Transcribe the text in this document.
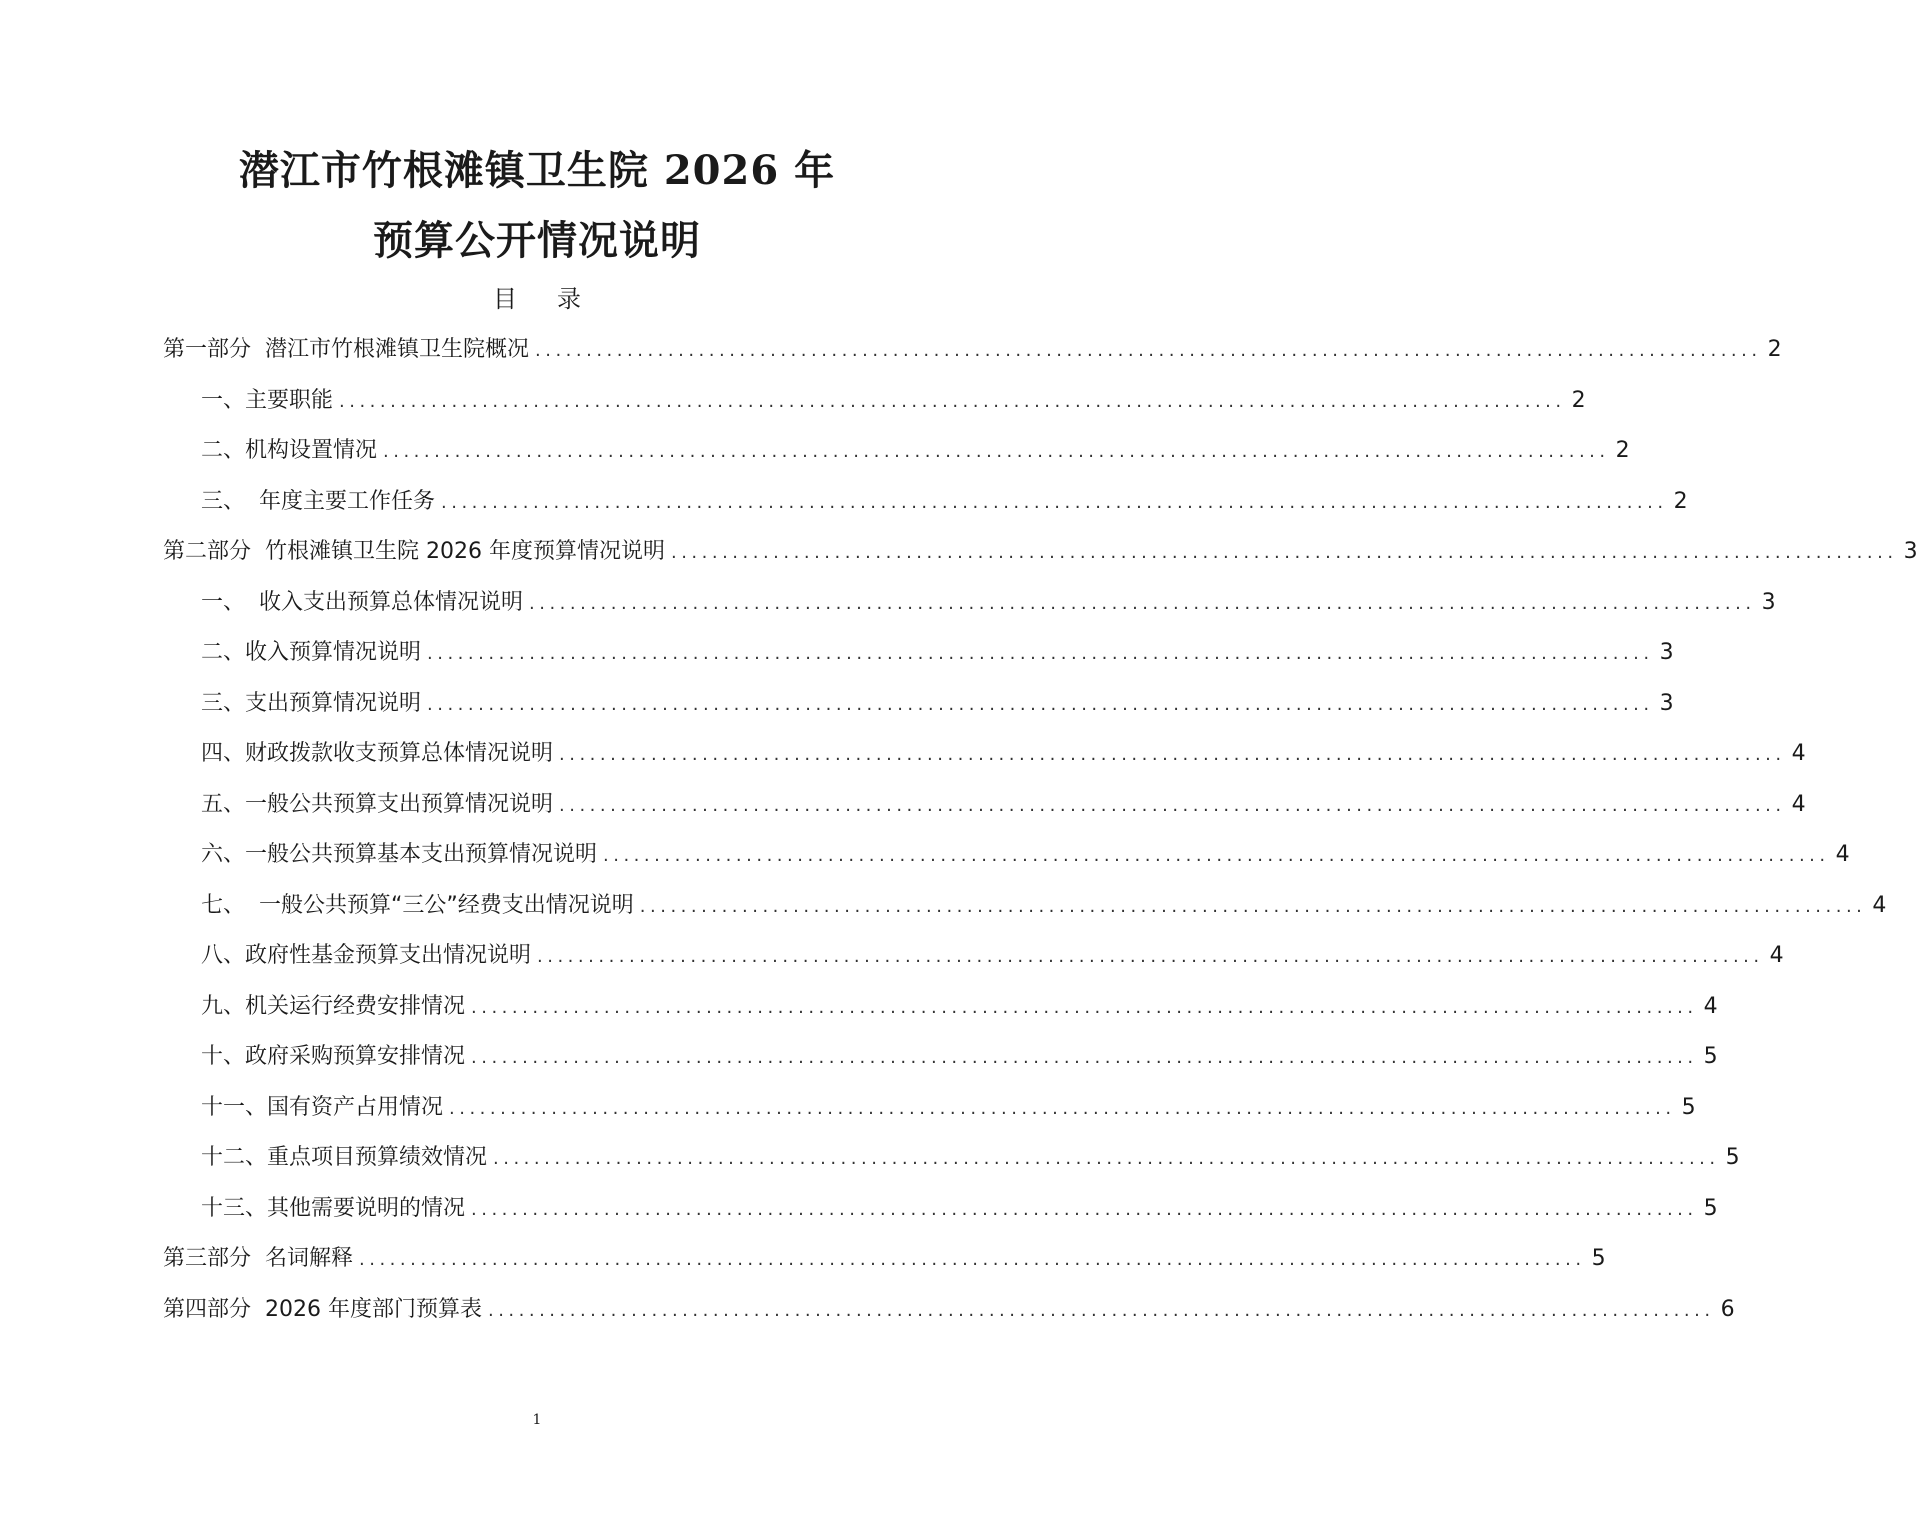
潜江市竹根滩镇卫生院 2026 年
预算公开情况说明
目录
第一部分  潜江市竹根滩镇卫生院概况 ........................................................................................................................ 2
一、主要职能 ........................................................................................................................ 2
二、机构设置情况 ........................................................................................................................ 2
三、  年度主要工作任务 ........................................................................................................................ 2
第二部分  竹根滩镇卫生院 2026 年度预算情况说明 ........................................................................................................................ 3
一、  收入支出预算总体情况说明 ........................................................................................................................ 3
二、收入预算情况说明 ........................................................................................................................ 3
三、支出预算情况说明 ........................................................................................................................ 3
四、财政拨款收支预算总体情况说明 ........................................................................................................................ 4
五、一般公共预算支出预算情况说明 ........................................................................................................................ 4
六、一般公共预算基本支出预算情况说明 ........................................................................................................................ 4
七、  一般公共预算“三公”经费支出情况说明 ........................................................................................................................ 4
八、政府性基金预算支出情况说明 ........................................................................................................................ 4
九、机关运行经费安排情况 ........................................................................................................................ 4
十、政府采购预算安排情况 ........................................................................................................................ 5
十一、国有资产占用情况 ........................................................................................................................ 5
十二、重点项目预算绩效情况 ........................................................................................................................ 5
十三、其他需要说明的情况 ........................................................................................................................ 5
第三部分  名词解释 ........................................................................................................................ 5
第四部分  2026 年度部门预算表 ........................................................................................................................ 6
1
